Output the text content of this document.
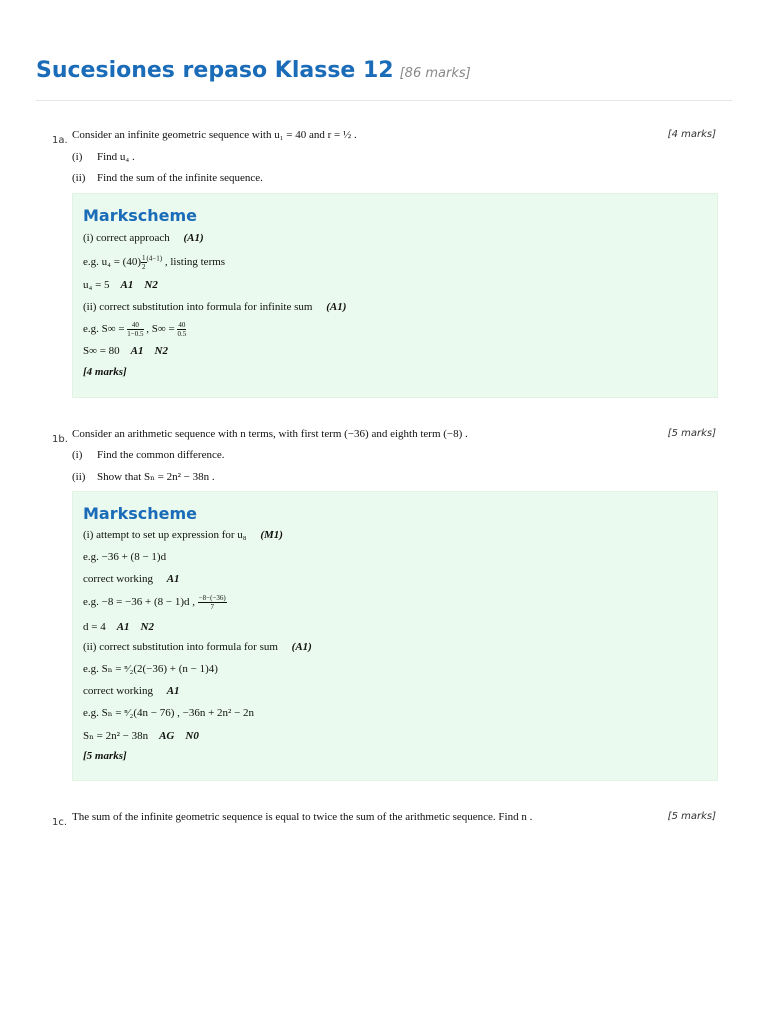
Sucesiones repaso Klasse 12 [86 marks]
1a. Consider an infinite geometric sequence with u₁ = 40 and r = ½ .	[4 marks]
(i) Find u₄ .
(ii) Find the sum of the infinite sequence.
Markscheme
(i) correct approach (A1)
e.g. $u_4 = (40) \frac{1}{2} ^{(4-1)}$ , listing terms
u₄ = 5 A1    N2
(ii) correct substitution into formula for infinite sum (A1)
e.g. $S\infty = \frac{40}{1-0.5}$ , $S\infty = \frac{40}{0.5}$
S∞ = 80 A1    N2
[4 marks]
1b. Consider an arithmetic sequence with n terms, with first term (−36) and eighth term (−8) .	[5 marks]
(i) Find the common difference.
(ii) Show that Sₙ = 2n² − 38n .
Markscheme
(i) attempt to set up expression for u₈ (M1)
e.g. −36 + (8 − 1)d
correct working A1
e.g. −8 = −36 + (8 − 1)d , $\frac{-8-(-36)}{7}$
d = 4 A1    N2
(ii) correct substitution into formula for sum (A1)
e.g. Sₙ = ⁿ⁄₂(2(−36) + (n − 1)4)
correct working A1
e.g. Sₙ = ⁿ⁄₂(4n − 76) , −36n + 2n² − 2n
Sₙ = 2n² − 38n AG    N0
[5 marks]
1c. The sum of the infinite geometric sequence is equal to twice the sum of the arithmetic sequence. Find n .	[5 marks]
